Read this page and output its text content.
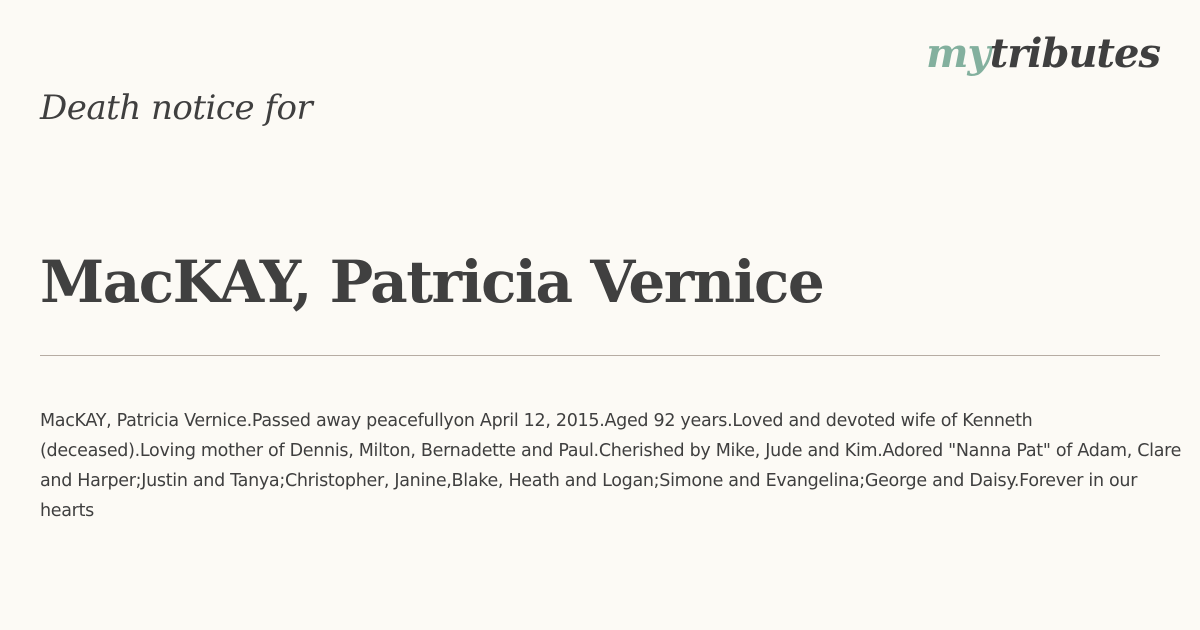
mytributes
Death notice for
MacKAY, Patricia Vernice

MacKAY, Patricia Vernice.Passed away peacefullyon April 12, 2015.Aged 92 years.Loved and devoted wife of Kenneth (deceased).Loving mother of Dennis, Milton, Bernadette and Paul.Cherished by Mike, Jude and Kim.Adored "Nanna Pat" of Adam, Clare and Harper;Justin and Tanya;Christopher, Janine,Blake, Heath and Logan;Simone and Evangelina;George and Daisy.Forever in our hearts
